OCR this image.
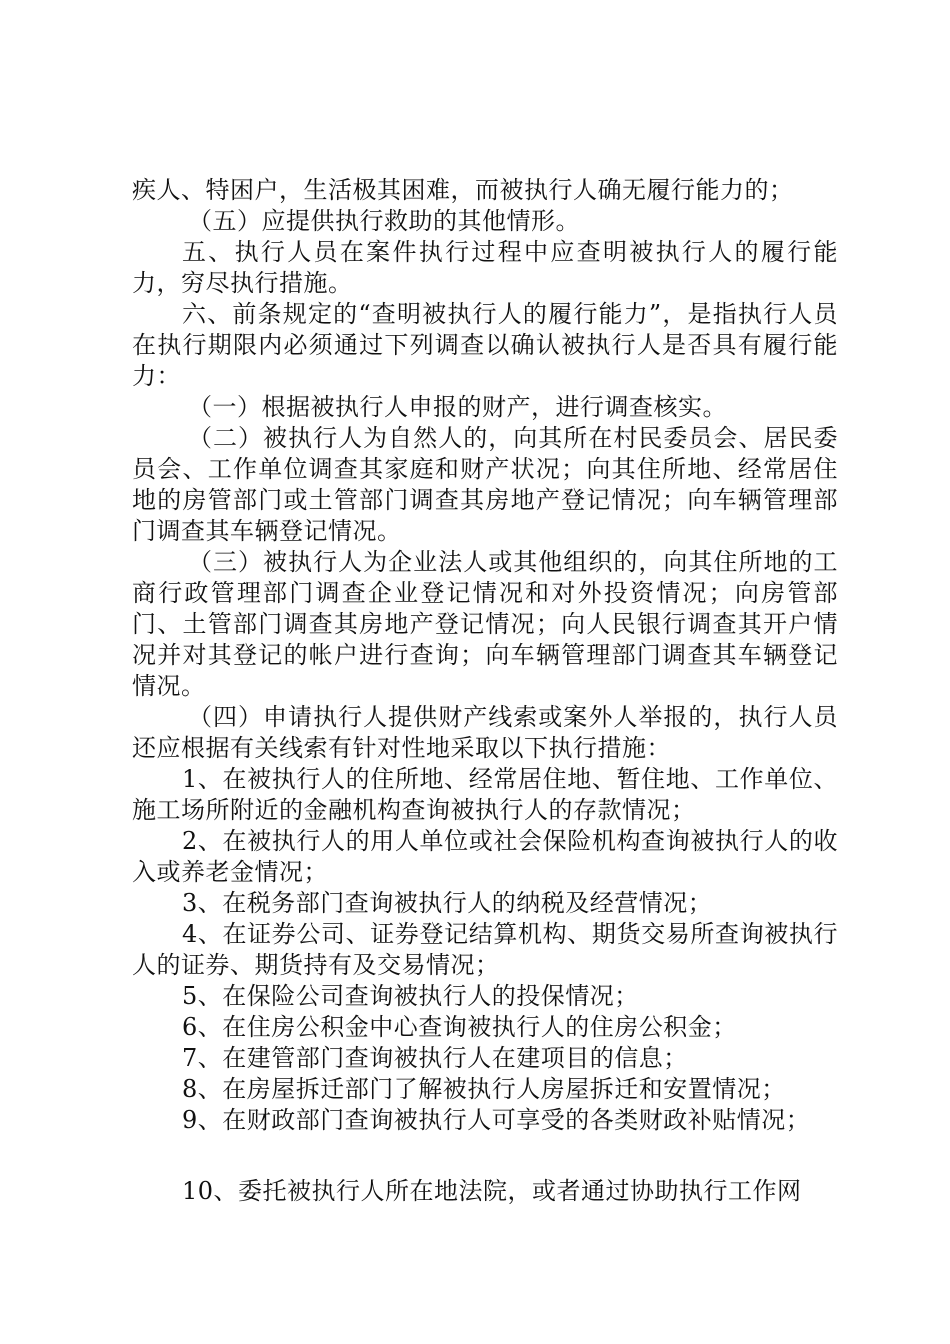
疾人、特困户，生活极其困难，而被执行人确无履行能力的；

（五）应提供执行救助的其他情形。

五、执行人员在案件执行过程中应查明被执行人的履行能力，穷尽执行措施。

六、前条规定的“查明被执行人的履行能力”，是指执行人员在执行期限内必须通过下列调查以确认被执行人是否具有履行能力：

（一）根据被执行人申报的财产，进行调查核实。

（二）被执行人为自然人的，向其所在村民委员会、居民委员会、工作单位调查其家庭和财产状况；向其住所地、经常居住地的房管部门或土管部门调查其房地产登记情况；向车辆管理部门调查其车辆登记情况。

（三）被执行人为企业法人或其他组织的，向其住所地的工商行政管理部门调查企业登记情况和对外投资情况；向房管部门、土管部门调查其房地产登记情况；向人民银行调查其开户情况并对其登记的帐户进行查询；向车辆管理部门调查其车辆登记情况。

（四）申请执行人提供财产线索或案外人举报的，执行人员还应根据有关线索有针对性地采取以下执行措施：

1、在被执行人的住所地、经常居住地、暂住地、工作单位、施工场所附近的金融机构查询被执行人的存款情况；

2、在被执行人的用人单位或社会保险机构查询被执行人的收入或养老金情况；

3、在税务部门查询被执行人的纳税及经营情况；

4、在证券公司、证券登记结算机构、期货交易所查询被执行人的证券、期货持有及交易情况；

5、在保险公司查询被执行人的投保情况；

6、在住房公积金中心查询被执行人的住房公积金；

7、在建管部门查询被执行人在建项目的信息；

8、在房屋拆迁部门了解被执行人房屋拆迁和安置情况；

9、在财政部门查询被执行人可享受的各类财政补贴情况；

10、委托被执行人所在地法院，或者通过协助执行工作网
